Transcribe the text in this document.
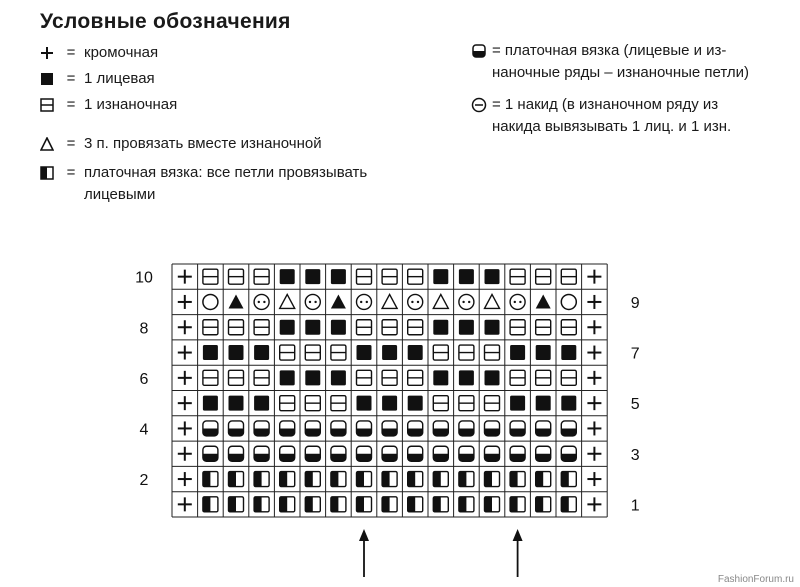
Условные обозначения
= кромочная
= 1 лицевая
= 1 изнаночная
= 3 п. провязать вместе изнаночной
= платочная вязка: все петли провязывать
лицевыми
= платочная вязка (лицевые и из-
наночные ряды – изнаночные петли)
= 1 накид (в изнаночном ряду из
накида вывязывать 1 лиц. и 1 изн.
10
9
8
7
6
5
4
3
2
1
FashionForum.ru
